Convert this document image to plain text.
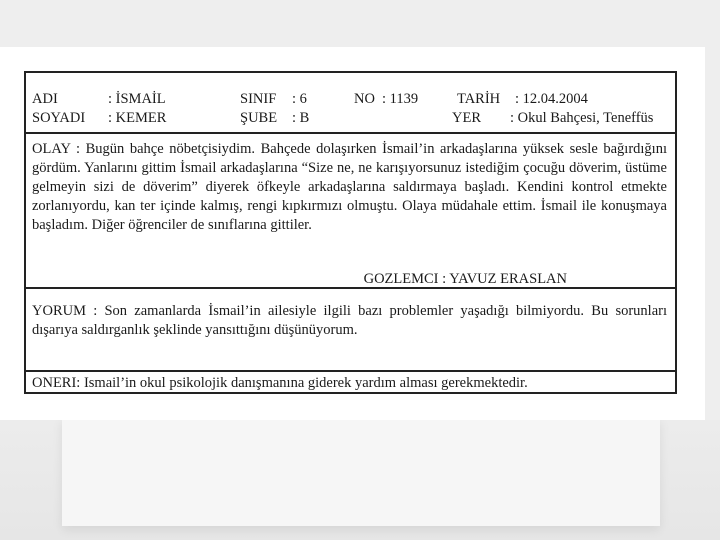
ADI	: İSMAİL	SINIF : 6	NO : 1139	TARİH : 12.04.2004
SOYADI : KEMER	ŞUBE : B	YER : Okul Bahçesi, Teneffüs
OLAY : Bugün bahçe nöbetçisiydim. Bahçede dolaşırken İsmail’in arkadaşlarına yüksek sesle bağırdığını gördüm. Yanlarını gittim İsmail arkadaşlarına “Size ne, ne karışıyorsunuz istediğim çocuğu döverim, üstüme gelmeyin sizi de döverim” diyerek öfkeyle arkadaşlarına saldırmaya başladı. Kendini kontrol etmekte zorlanıyordu, kan ter içinde kalmış, rengi kıpkırmızı olmuştu. Olaya müdahale ettim. İsmail ile konuşmaya başladım. Diğer öğrenciler de sınıflarına gittiler.
GOZLEMCI : YAVUZ ERASLAN
YORUM : Son zamanlarda İsmail’in ailesiyle ilgili bazı problemler yaşadığı bilmiyordu. Bu sorunları dışarıya saldırganlık şeklinde yansıttığını düşünüyorum.
ONERI: Ismail’in okul psikolojik danışmanına giderek yardım alması gerekmektedir.
